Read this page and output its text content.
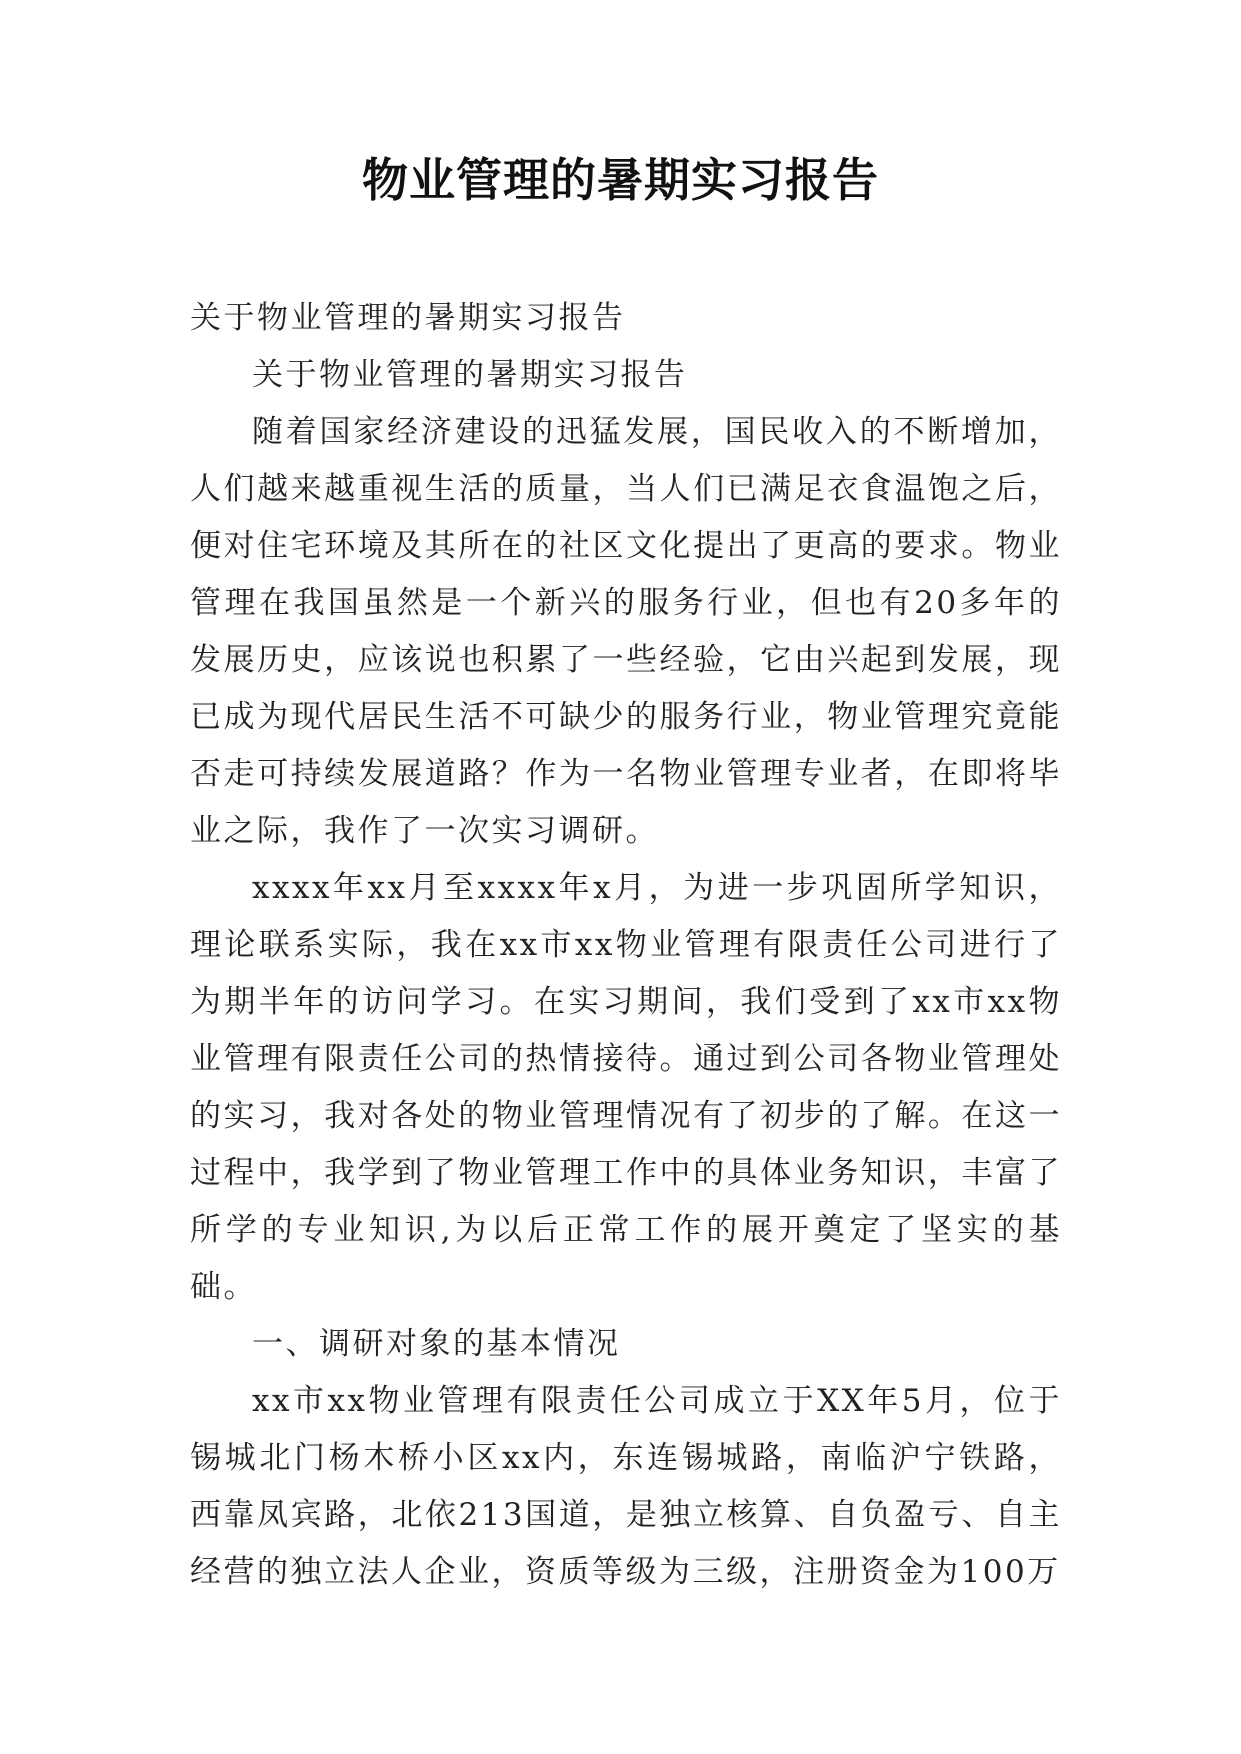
物业管理的暑期实习报告

关于物业管理的暑期实习报告

关于物业管理的暑期实习报告

随着国家经济建设的迅猛发展，国民收入的不断增加，人们越来越重视生活的质量，当人们已满足衣食温饱之后，便对住宅环境及其所在的社区文化提出了更高的要求。物业管理在我国虽然是一个新兴的服务行业，但也有20多年的发展历史，应该说也积累了一些经验，它由兴起到发展，现已成为现代居民生活不可缺少的服务行业，物业管理究竟能否走可持续发展道路？作为一名物业管理专业者，在即将毕业之际，我作了一次实习调研。

xxxx年xx月至xxxx年x月，为进一步巩固所学知识，理论联系实际，我在xx市xx物业管理有限责任公司进行了为期半年的访问学习。在实习期间，我们受到了xx市xx物业管理有限责任公司的热情接待。通过到公司各物业管理处的实习，我对各处的物业管理情况有了初步的了解。在这一过程中，我学到了物业管理工作中的具体业务知识，丰富了所学的专业知识,为以后正常工作的展开奠定了坚实的基础。

一、调研对象的基本情况

xx市xx物业管理有限责任公司成立于XX年5月，位于锡城北门杨木桥小区xx内，东连锡城路，南临沪宁铁路，西靠凤宾路，北依213国道，是独立核算、自负盈亏、自主经营的独立法人企业，资质等级为三级，注册资金为100万
